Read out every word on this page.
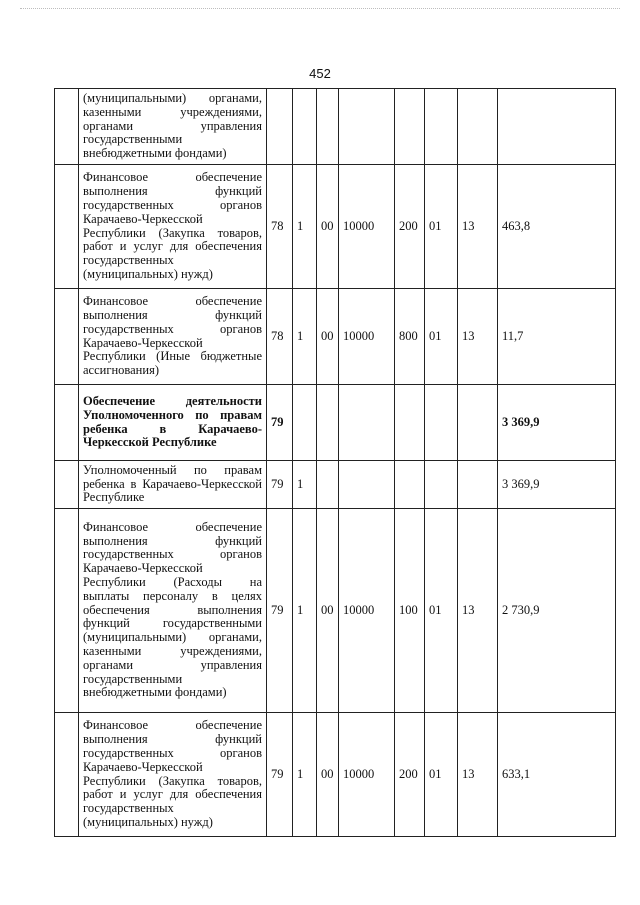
452
	(муниципальными) органами, казенными учреждениями, органами управления государственными внебюджетными фондами)								
	Финансовое обеспечение выполнения функций государственных органов Карачаево-Черкесской Республики (Закупка товаров, работ и услуг для обеспечения государственных (муниципальных) нужд)	78	1	00	10000	200	01	13	463,8
	Финансовое обеспечение выполнения функций государственных органов Карачаево-Черкесской Республики (Иные бюджетные ассигнования)	78	1	00	10000	800	01	13	11,7
	Обеспечение деятельности Уполномоченного по правам ребенка в Карачаево-Черкесской Республике	79							3 369,9
	Уполномоченный по правам ребенка в Карачаево-Черкесской Республике	79	1						3 369,9
	Финансовое обеспечение выполнения функций государственных органов Карачаево-Черкесской Республики (Расходы на выплаты персоналу в целях обеспечения выполнения функций государственными (муниципальными) органами, казенными учреждениями, органами управления государственными внебюджетными фондами)	79	1	00	10000	100	01	13	2 730,9
	Финансовое обеспечение выполнения функций государственных органов Карачаево-Черкесской Республики (Закупка товаров, работ и услуг для обеспечения государственных (муниципальных) нужд)	79	1	00	10000	200	01	13	633,1
